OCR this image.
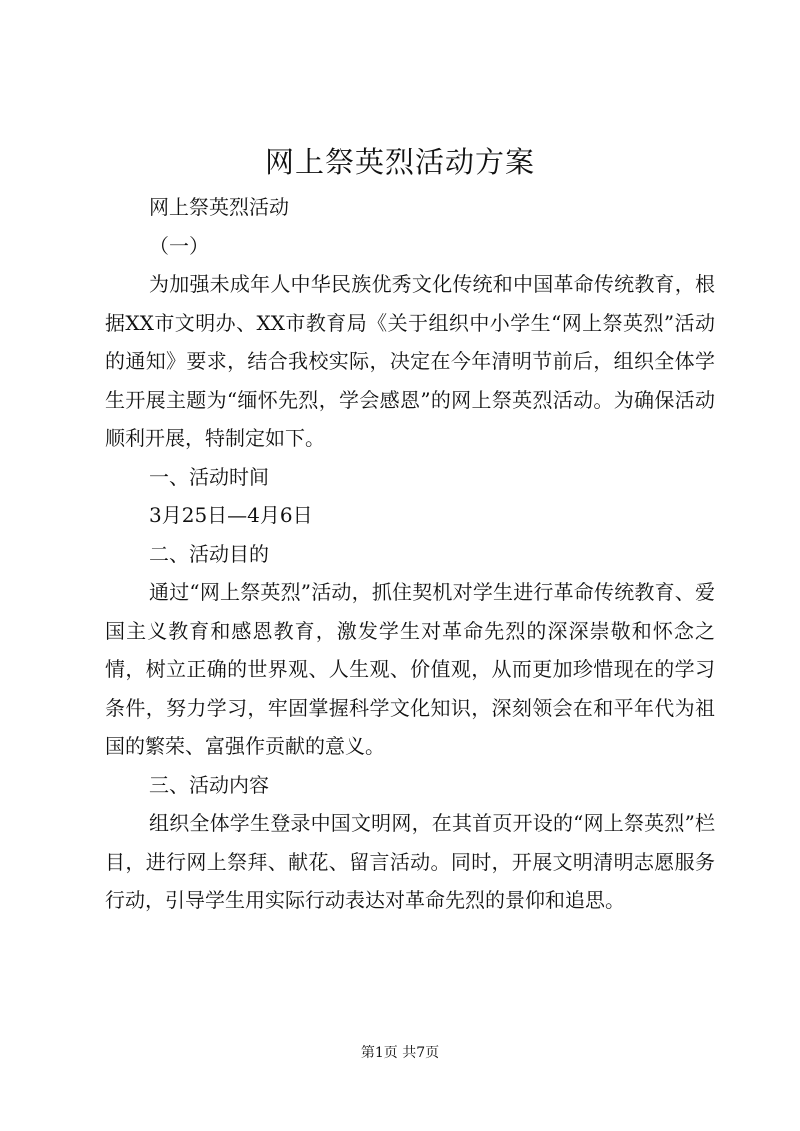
网上祭英烈活动方案

网上祭英烈活动

（一）

为加强未成年人中华民族优秀文化传统和中国革命传统教育，根据XX市文明办、XX市教育局《关于组织中小学生“网上祭英烈”活动的通知》要求，结合我校实际，决定在今年清明节前后，组织全体学生开展主题为“缅怀先烈，学会感恩”的网上祭英烈活动。为确保活动顺利开展，特制定如下。

一、活动时间

3月25日—4月6日

二、活动目的

通过“网上祭英烈”活动，抓住契机对学生进行革命传统教育、爱国主义教育和感恩教育，激发学生对革命先烈的深深崇敬和怀念之情，树立正确的世界观、人生观、价值观，从而更加珍惜现在的学习条件，努力学习，牢固掌握科学文化知识，深刻领会在和平年代为祖国的繁荣、富强作贡献的意义。

三、活动内容

组织全体学生登录中国文明网，在其首页开设的“网上祭英烈”栏目，进行网上祭拜、献花、留言活动。同时，开展文明清明志愿服务行动，引导学生用实际行动表达对革命先烈的景仰和追思。

第1页 共7页
